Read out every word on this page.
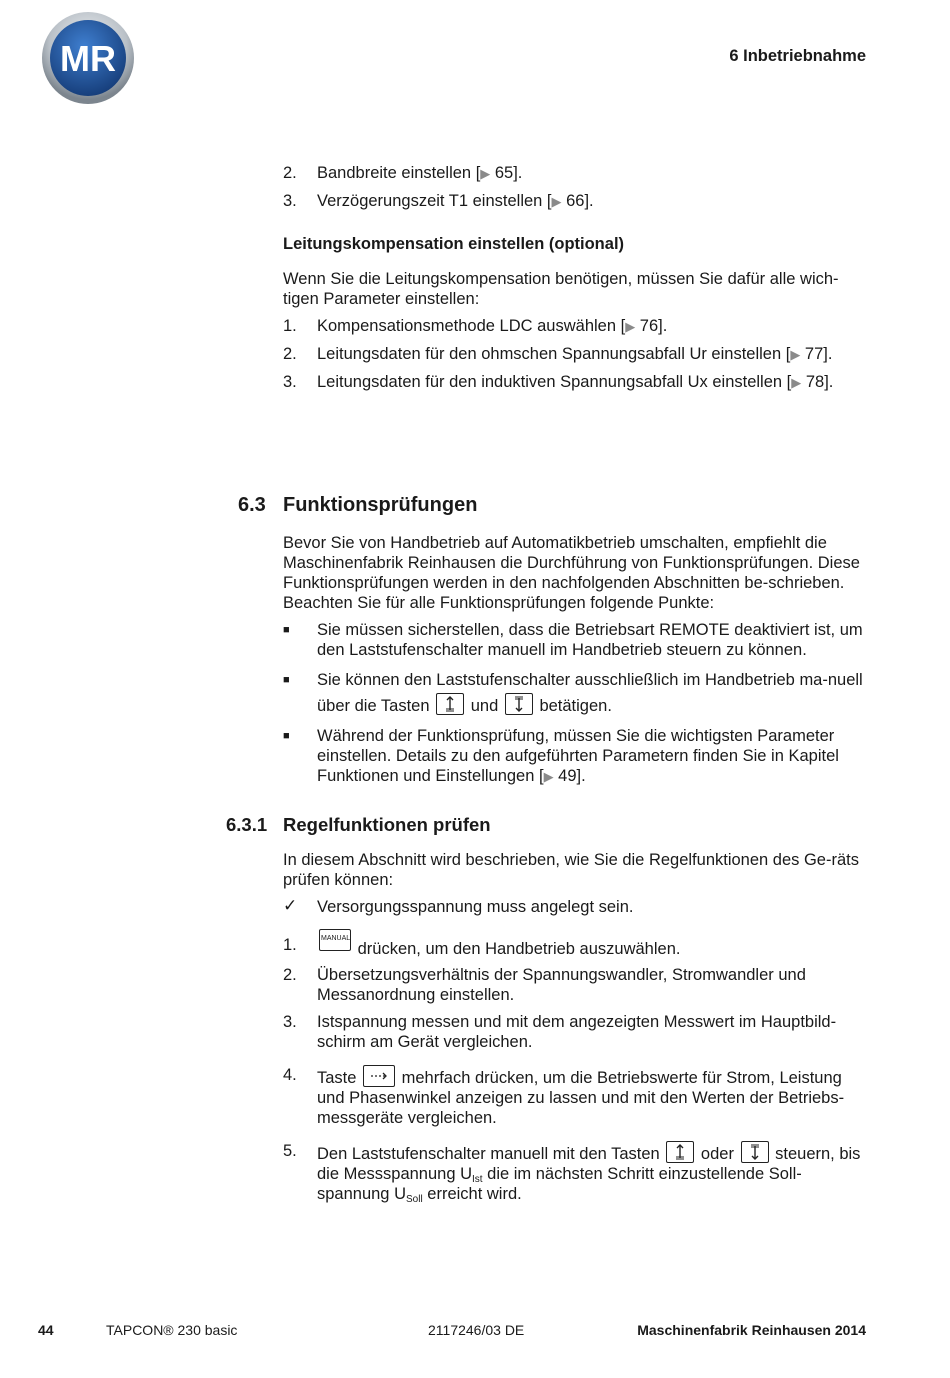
MR	6 Inbetriebnahme
2. Bandbreite einstellen [▶ 65].
3. Verzögerungszeit T1 einstellen [▶ 66].
Leitungskompensation einstellen (optional)

Wenn Sie die Leitungskompensation benötigen, müssen Sie dafür alle wich-tigen Parameter einstellen:

1. Kompensationsmethode LDC auswählen [▶ 76].
2. Leitungsdaten für den ohmschen Spannungsabfall Ur einstellen [▶ 77].
3. Leitungsdaten für den induktiven Spannungsabfall Ux einstellen [▶ 78].
6.3 Funktionsprüfungen

Bevor Sie von Handbetrieb auf Automatikbetrieb umschalten, empfiehlt die Maschinenfabrik Reinhausen die Durchführung von Funktionsprüfungen. Diese Funktionsprüfungen werden in den nachfolgenden Abschnitten be-schrieben. Beachten Sie für alle Funktionsprüfungen folgende Punkte:

■ Sie müssen sicherstellen, dass die Betriebsart REMOTE deaktiviert ist, um den Laststufenschalter manuell im Handbetrieb steuern zu können.
■ Sie können den Laststufenschalter ausschließlich im Handbetrieb ma-nuell über die Tasten und betätigen.
■ Während der Funktionsprüfung, müssen Sie die wichtigsten Parameter einstellen. Details zu den aufgeführten Parametern finden Sie in Kapitel Funktionen und Einstellungen [▶ 49].
6.3.1 Regelfunktionen prüfen

In diesem Abschnitt wird beschrieben, wie Sie die Regelfunktionen des Ge-räts prüfen können:

✓ Versorgungsspannung muss angelegt sein.
1.	MANUAL
drücken, um den Handbetrieb auszuwählen.
2. Übersetzungsverhältnis der Spannungswandler, Stromwandler und Messanordnung einstellen.
3. Istspannung messen und mit dem angezeigten Messwert im Hauptbild-schirm am Gerät vergleichen.
4. Taste	mehrfach drücken, um die Betriebswerte für Strom, Leistung und Phasenwinkel anzeigen zu lassen und mit den Werten der Betriebs-messgeräte vergleichen.
5. Den Laststufenschalter manuell mit den Tasten oder steuern, bis die Messspannung $U_{Ist}$ die im nächsten Schritt einzustellende Soll-spannung $U_{Soll}$ erreicht wird.
44	TAPCON® 230 basic	2117246/03 DE	Maschinenfabrik Reinhausen 2014
